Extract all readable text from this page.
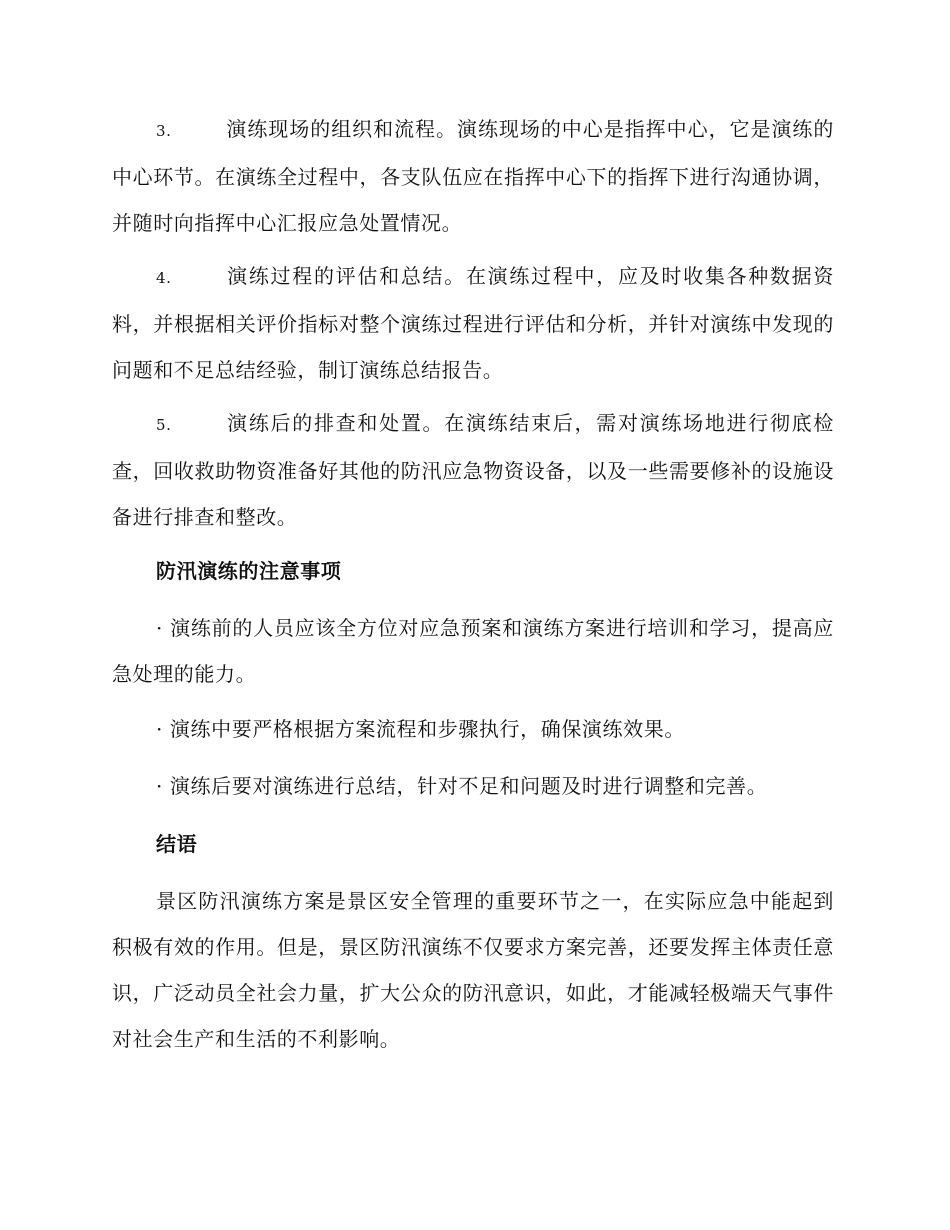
3.	演练现场的组织和流程。演练现场的中心是指挥中心，它是演练的中心环节。在演练全过程中，各支队伍应在指挥中心下的指挥下进行沟通协调，并随时向指挥中心汇报应急处置情况。

4.	演练过程的评估和总结。在演练过程中，应及时收集各种数据资料，并根据相关评价指标对整个演练过程进行评估和分析，并针对演练中发现的问题和不足总结经验，制订演练总结报告。

5.	演练后的排查和处置。在演练结束后，需对演练场地进行彻底检查，回收救助物资准备好其他的防汛应急物资设备，以及一些需要修补的设施设备进行排查和整改。

防汛演练的注意事项

· 演练前的人员应该全方位对应急预案和演练方案进行培训和学习，提高应急处理的能力。

· 演练中要严格根据方案流程和步骤执行，确保演练效果。

· 演练后要对演练进行总结，针对不足和问题及时进行调整和完善。

结语

景区防汛演练方案是景区安全管理的重要环节之一，在实际应急中能起到积极有效的作用。但是，景区防汛演练不仅要求方案完善，还要发挥主体责任意识，广泛动员全社会力量，扩大公众的防汛意识，如此，才能减轻极端天气事件对社会生产和生活的不利影响。
